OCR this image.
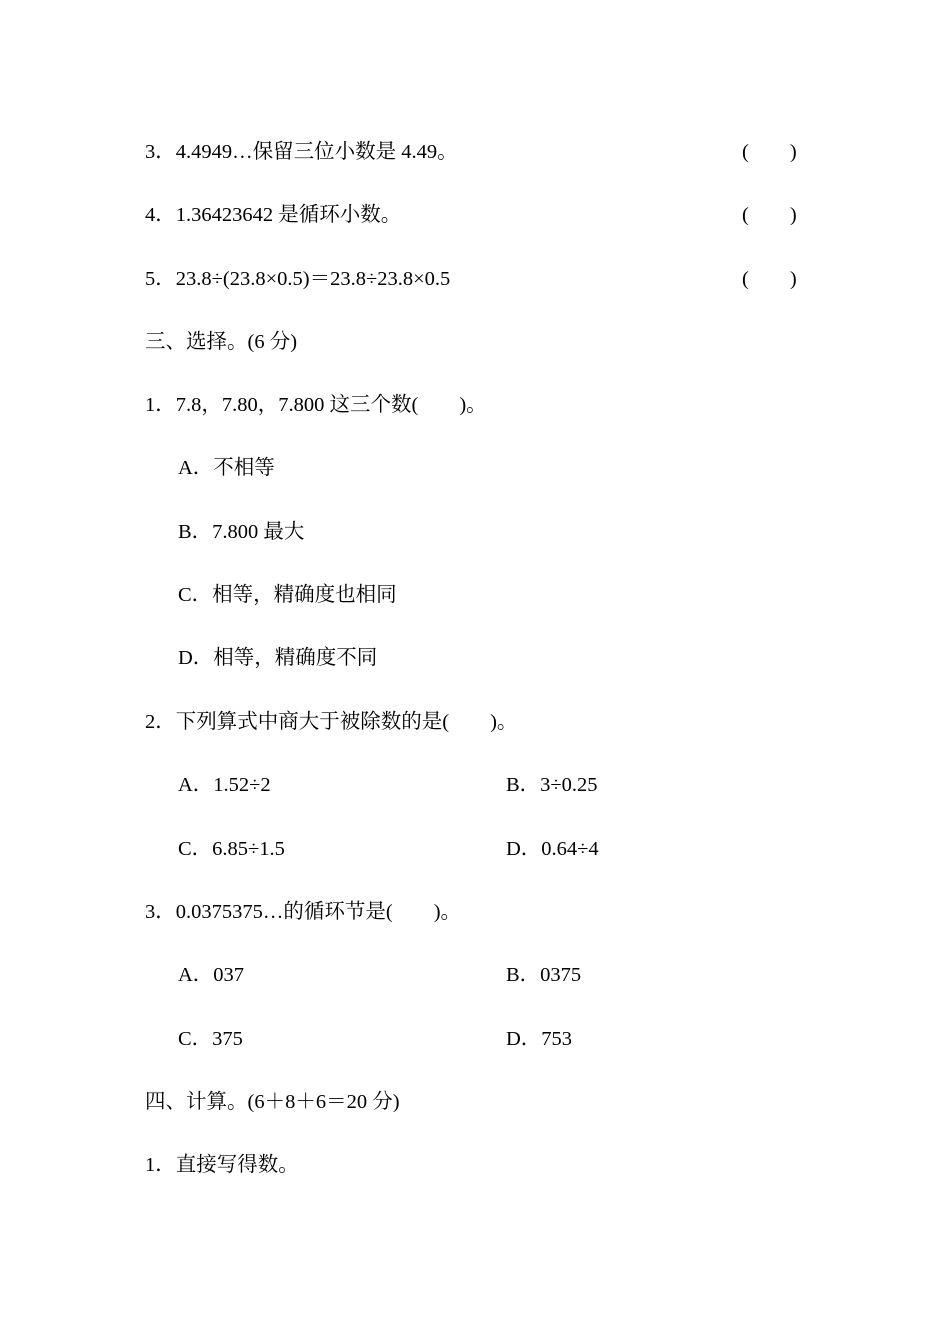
3．4.4949…保留三位小数是 4.49。	(　　)
4．1.36423642 是循环小数。	(　　)
5．23.8÷(23.8×0.5)＝23.8÷23.8×0.5	(　　)
三、选择。(6 分)
1．7.8，7.80，7.800 这三个数(　　)。
A．不相等
B．7.800 最大
C．相等，精确度也相同
D．相等，精确度不同
2．下列算式中商大于被除数的是(　　)。
A．1.52÷2	B．3÷0.25
C．6.85÷1.5	D．0.64÷4
3．0.0375375…的循环节是(　　)。
A．037	B．0375
C．375	D．753
四、计算。(6＋8＋6＝20 分)
1．直接写得数。
